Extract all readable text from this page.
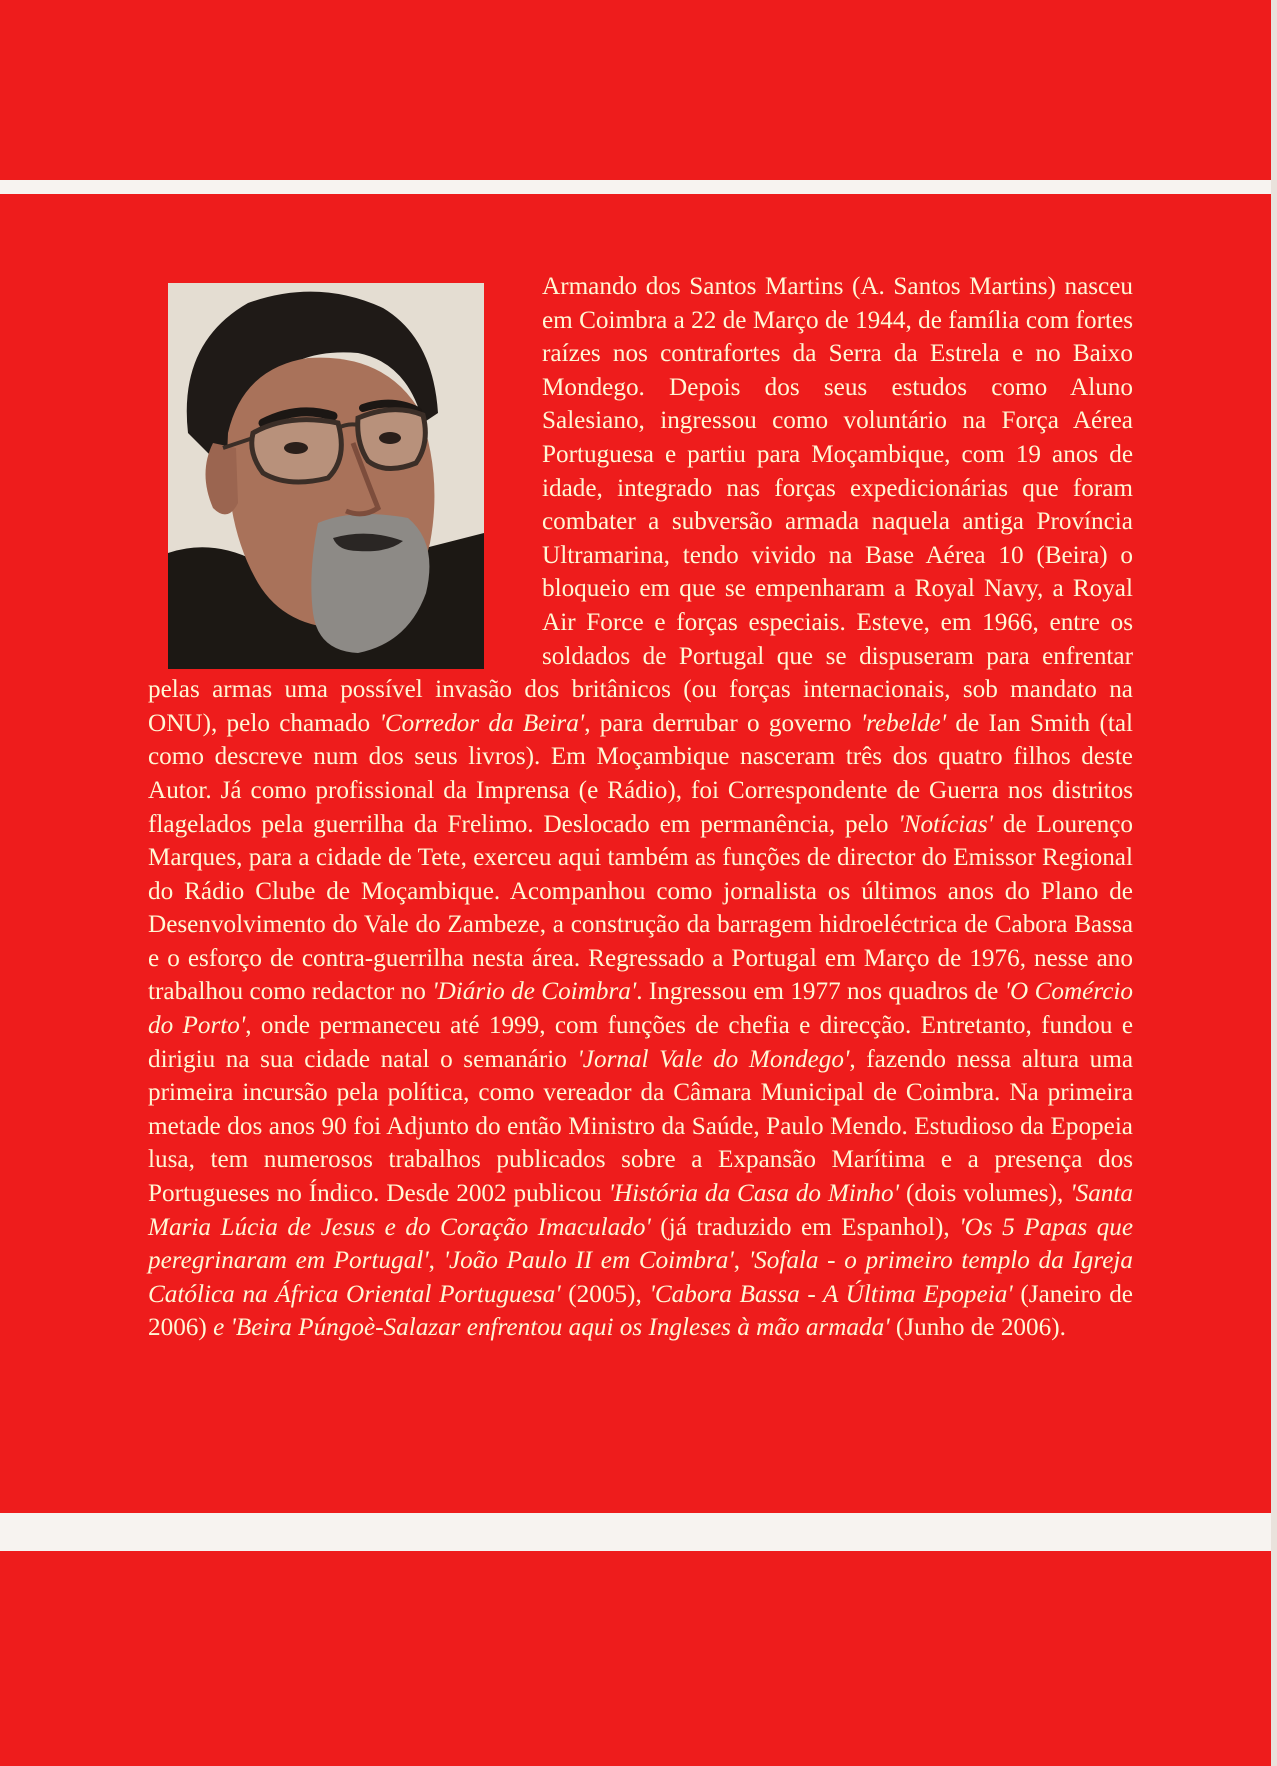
Armando dos Santos Martins (A. Santos Martins) nasceu em Coimbra a 22 de Março de 1944, de família com fortes raízes nos contrafortes da Serra da Estrela e no Baixo Mondego. Depois dos seus estudos como Aluno Salesiano, ingressou como voluntário na Força Aérea Portuguesa e partiu para Moçambique, com 19 anos de idade, integrado nas forças expedicionárias que foram combater a subversão armada naquela antiga Província Ultramarina, tendo vivido na Base Aérea 10 (Beira) o bloqueio em que se empenharam a Royal Navy, a Royal Air Force e forças especiais. Esteve, em 1966, entre os soldados de Portugal que se dispuseram para enfrentar pelas armas uma possível invasão dos britânicos (ou forças internacionais, sob mandato na ONU), pelo chamado 'Corredor da Beira', para derrubar o governo 'rebelde' de Ian Smith (tal como descreve num dos seus livros). Em Moçambique nasceram três dos quatro filhos deste Autor. Já como profissional da Imprensa (e Rádio), foi Correspondente de Guerra nos distritos flagelados pela guerrilha da Frelimo. Deslocado em permanência, pelo 'Notícias' de Lourenço Marques, para a cidade de Tete, exerceu aqui também as funções de director do Emissor Regional do Rádio Clube de Moçambique. Acompanhou como jornalista os últimos anos do Plano de Desenvolvimento do Vale do Zambeze, a construção da barragem hidroeléctrica de Cabora Bassa e o esforço de contra-guerrilha nesta área. Regressado a Portugal em Março de 1976, nesse ano trabalhou como redactor no 'Diário de Coimbra'. Ingressou em 1977 nos quadros de 'O Comércio do Porto', onde permaneceu até 1999, com funções de chefia e direcção. Entretanto, fundou e dirigiu na sua cidade natal o semanário 'Jornal Vale do Mondego', fazendo nessa altura uma primeira incursão pela política, como vereador da Câmara Municipal de Coimbra. Na primeira metade dos anos 90 foi Adjunto do então Ministro da Saúde, Paulo Mendo. Estudioso da Epopeia lusa, tem numerosos trabalhos publicados sobre a Expansão Marítima e a presença dos Portugueses no Índico. Desde 2002 publicou 'História da Casa do Minho' (dois volumes), 'Santa Maria Lúcia de Jesus e do Coração Imaculado' (já traduzido em Espanhol), 'Os 5 Papas que peregrinaram em Portugal', 'João Paulo II em Coimbra', 'Sofala - o primeiro templo da Igreja Católica na África Oriental Portuguesa' (2005), 'Cabora Bassa - A Última Epopeia' (Janeiro de 2006) e 'Beira Púngoè-Salazar enfrentou aqui os Ingleses à mão armada' (Junho de 2006).
